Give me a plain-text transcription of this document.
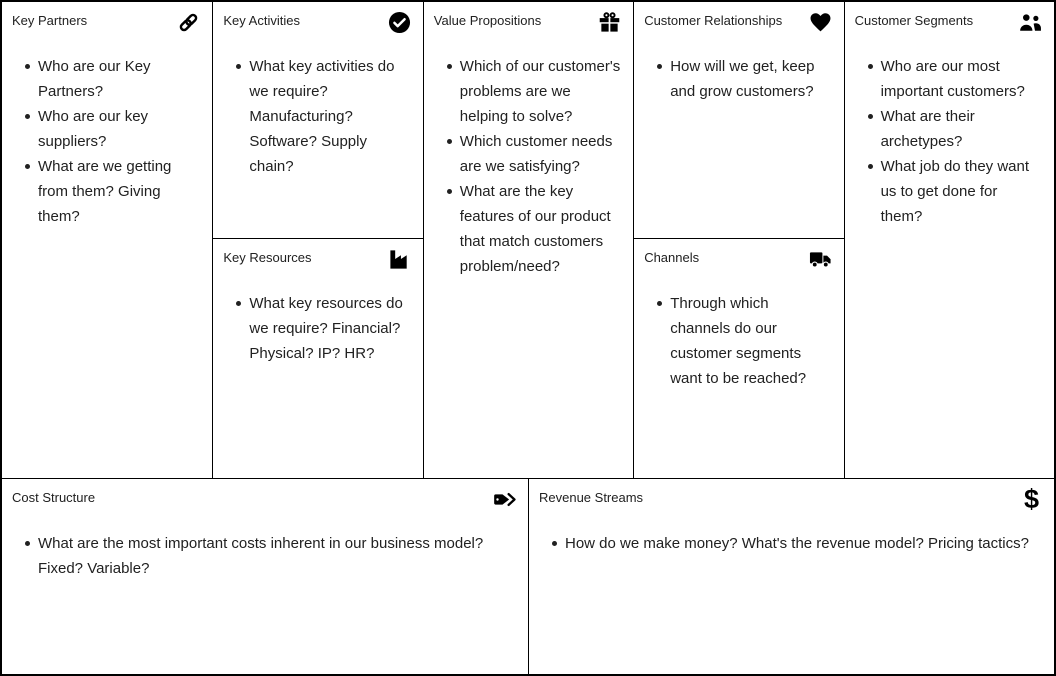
Key Partners
Who are our Key Partners?
Who are our key suppliers?
What are we getting from them? Giving them?
Key Activities
What key activities do we require? Manufacturing? Software? Supply chain?
Key Resources
What key resources do we require? Financial? Physical? IP? HR?
Value Propositions
Which of our customer's problems are we helping to solve?
Which customer needs are we satisfying?
What are the key features of our product that match customers problem/need?
Customer Relationships
How will we get, keep and grow customers?
Channels
Through which channels do our customer segments want to be reached?
Customer Segments
Who are our most important customers?
What are their archetypes?
What job do they want us to get done for them?
Cost Structure
What are the most important costs inherent in our business model? Fixed? Variable?
Revenue Streams	$
How do we make money? What's the revenue model? Pricing tactics?
